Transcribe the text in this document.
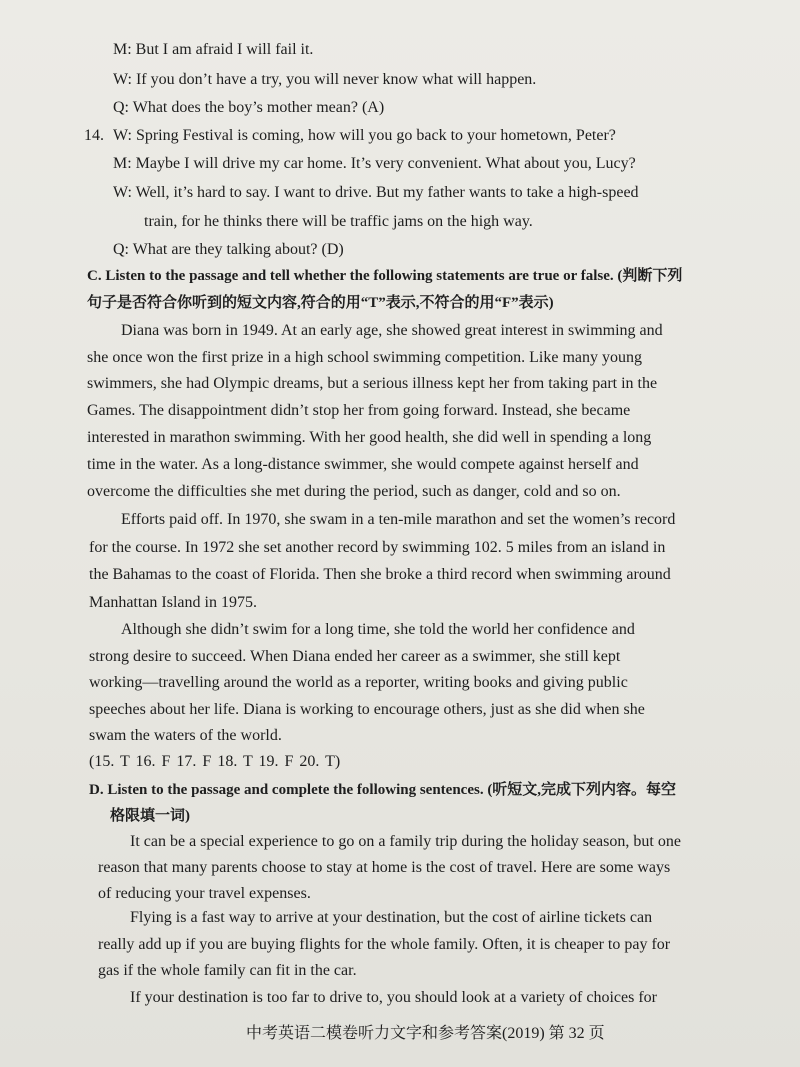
M: But I am afraid I will fail it.
W: If you don’t have a try, you will never know what will happen.
Q: What does the boy’s mother mean? (A)
14. W: Spring Festival is coming, how will you go back to your hometown, Peter?
M: Maybe I will drive my car home. It’s very convenient. What about you, Lucy?
W: Well, it’s hard to say. I want to drive. But my father wants to take a high-speed
train, for he thinks there will be traffic jams on the high way.
Q: What are they talking about? (D)
C. Listen to the passage and tell whether the following statements are true or false. (判断下列
句子是否符合你听到的短文内容,符合的用“T”表示,不符合的用“F”表示)
Diana was born in 1949. At an early age, she showed great interest in swimming and
she once won the first prize in a high school swimming competition. Like many young
swimmers, she had Olympic dreams, but a serious illness kept her from taking part in the
Games. The disappointment didn’t stop her from going forward. Instead, she became
interested in marathon swimming. With her good health, she did well in spending a long
time in the water. As a long-distance swimmer, she would compete against herself and
overcome the difficulties she met during the period, such as danger, cold and so on.
Efforts paid off. In 1970, she swam in a ten-mile marathon and set the women’s record
for the course. In 1972 she set another record by swimming 102. 5 miles from an island in
the Bahamas to the coast of Florida. Then she broke a third record when swimming around
Manhattan Island in 1975.
Although she didn’t swim for a long time, she told the world her confidence and
strong desire to succeed. When Diana ended her career as a swimmer, she still kept
working—travelling around the world as a reporter, writing books and giving public
speeches about her life. Diana is working to encourage others, just as she did when she
swam the waters of the world.
(15. T 16. F 17. F 18. T 19. F 20. T)
D. Listen to the passage and complete the following sentences. (听短文,完成下列内容。每空
格限填一词)
It can be a special experience to go on a family trip during the holiday season, but one
reason that many parents choose to stay at home is the cost of travel. Here are some ways
of reducing your travel expenses.
Flying is a fast way to arrive at your destination, but the cost of airline tickets can
really add up if you are buying flights for the whole family. Often, it is cheaper to pay for
gas if the whole family can fit in the car.
If your destination is too far to drive to, you should look at a variety of choices for
中考英语二模卷听力文字和参考答案(2019) 第 32 页
